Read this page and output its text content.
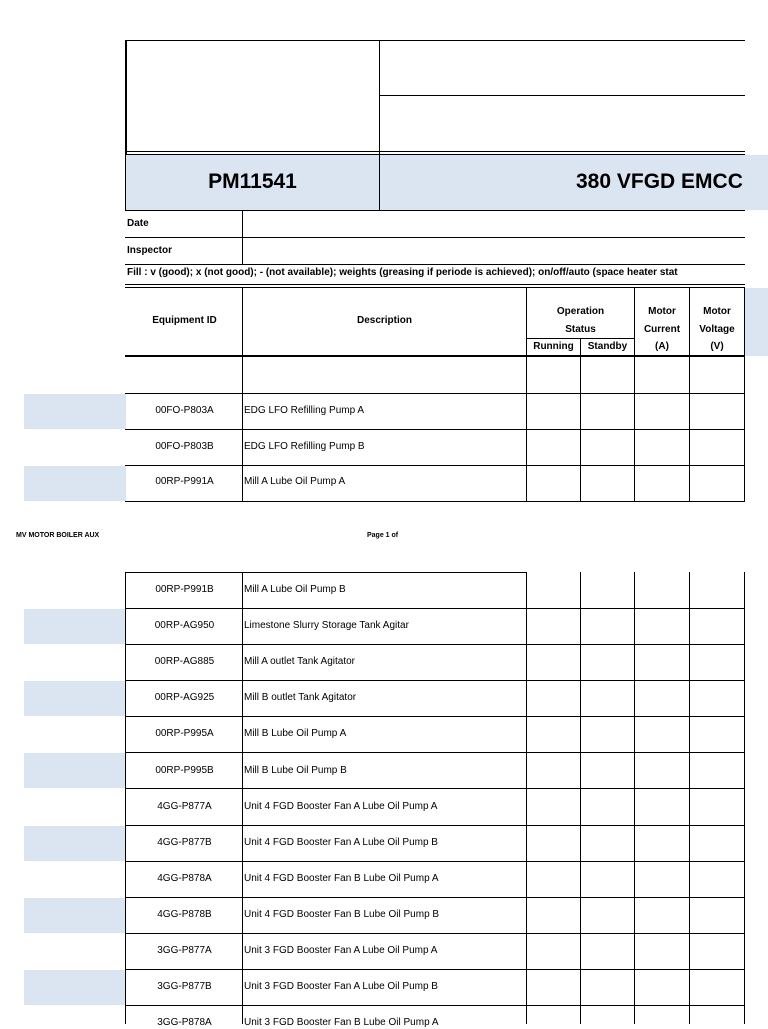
PM11541	380 VFGD EMCC
Date
Inspector
Fill : v (good); x (not good); - (not available); weights (greasing if periode is achieved); on/off/auto (space heater stat
Equipment ID	Description
Operation
Status
Running	Standby
Motor
Current
(A)
Motor
Voltage
(V)
00FO-P803A	EDG LFO Refilling Pump A
00FO-P803B	EDG LFO Refilling Pump B
00RP-P991A	Mill A Lube Oil Pump A
MV MOTOR BOILER AUX	Page 1 of
00RP-P991B	Mill A Lube Oil Pump B
00RP-AG950	Limestone Slurry Storage Tank Agitar
00RP-AG885	Mill A outlet Tank Agitator
00RP-AG925	Mill B outlet Tank Agitator
00RP-P995A	Mill B Lube Oil Pump A
00RP-P995B	Mill B Lube Oil Pump B
4GG-P877A	Unit 4 FGD Booster Fan A Lube Oil Pump A
4GG-P877B	Unit 4 FGD Booster Fan A Lube Oil Pump B
4GG-P878A	Unit 4 FGD Booster Fan B Lube Oil Pump A
4GG-P878B	Unit 4 FGD Booster Fan B Lube Oil Pump B
3GG-P877A	Unit 3 FGD Booster Fan A Lube Oil Pump A
3GG-P877B	Unit 3 FGD Booster Fan A Lube Oil Pump B
3GG-P878A	Unit 3 FGD Booster Fan B Lube Oil Pump A
